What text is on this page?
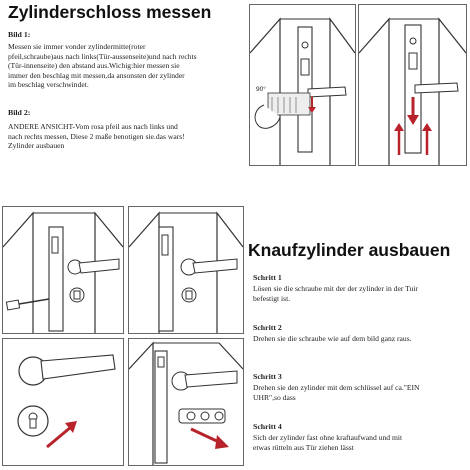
Zylinderschloss messen
Bild 1:
Messen sie immer vonder zylindermitte(roter
pfeil,schraube)aus nach links(Tür-aussenseite)und nach rechts
(Tür-innenseite) den abstand aus.Wichig:hier messen sie
immer den beschlag mit messen,da ansonsten der zylinder
im beschlag verschwindet.
Bild 2:
ANDERE ANSICHT-Vom rosa pfeil aus nach links und
nach rechts messen, Diese 2 maße benotigen sie.das wars!
Zylinder ausbauen
90°
Knaufzylinder ausbauen
Schritt 1
Lösen sie die schraube mit der der zylinder in der Tuir
befestigt ist.
Schritt 2
Drehen sie die schraube wie auf dem bild ganz raus.
Schritt 3
Drehen sie den zylinder mit dem schlüssel auf ca."EIN
UHR",so dass
Schritt 4
Sich der zylinder fast ohne kraftaufwand und mit
etwas rütteln aus Tür ziehen lässt
